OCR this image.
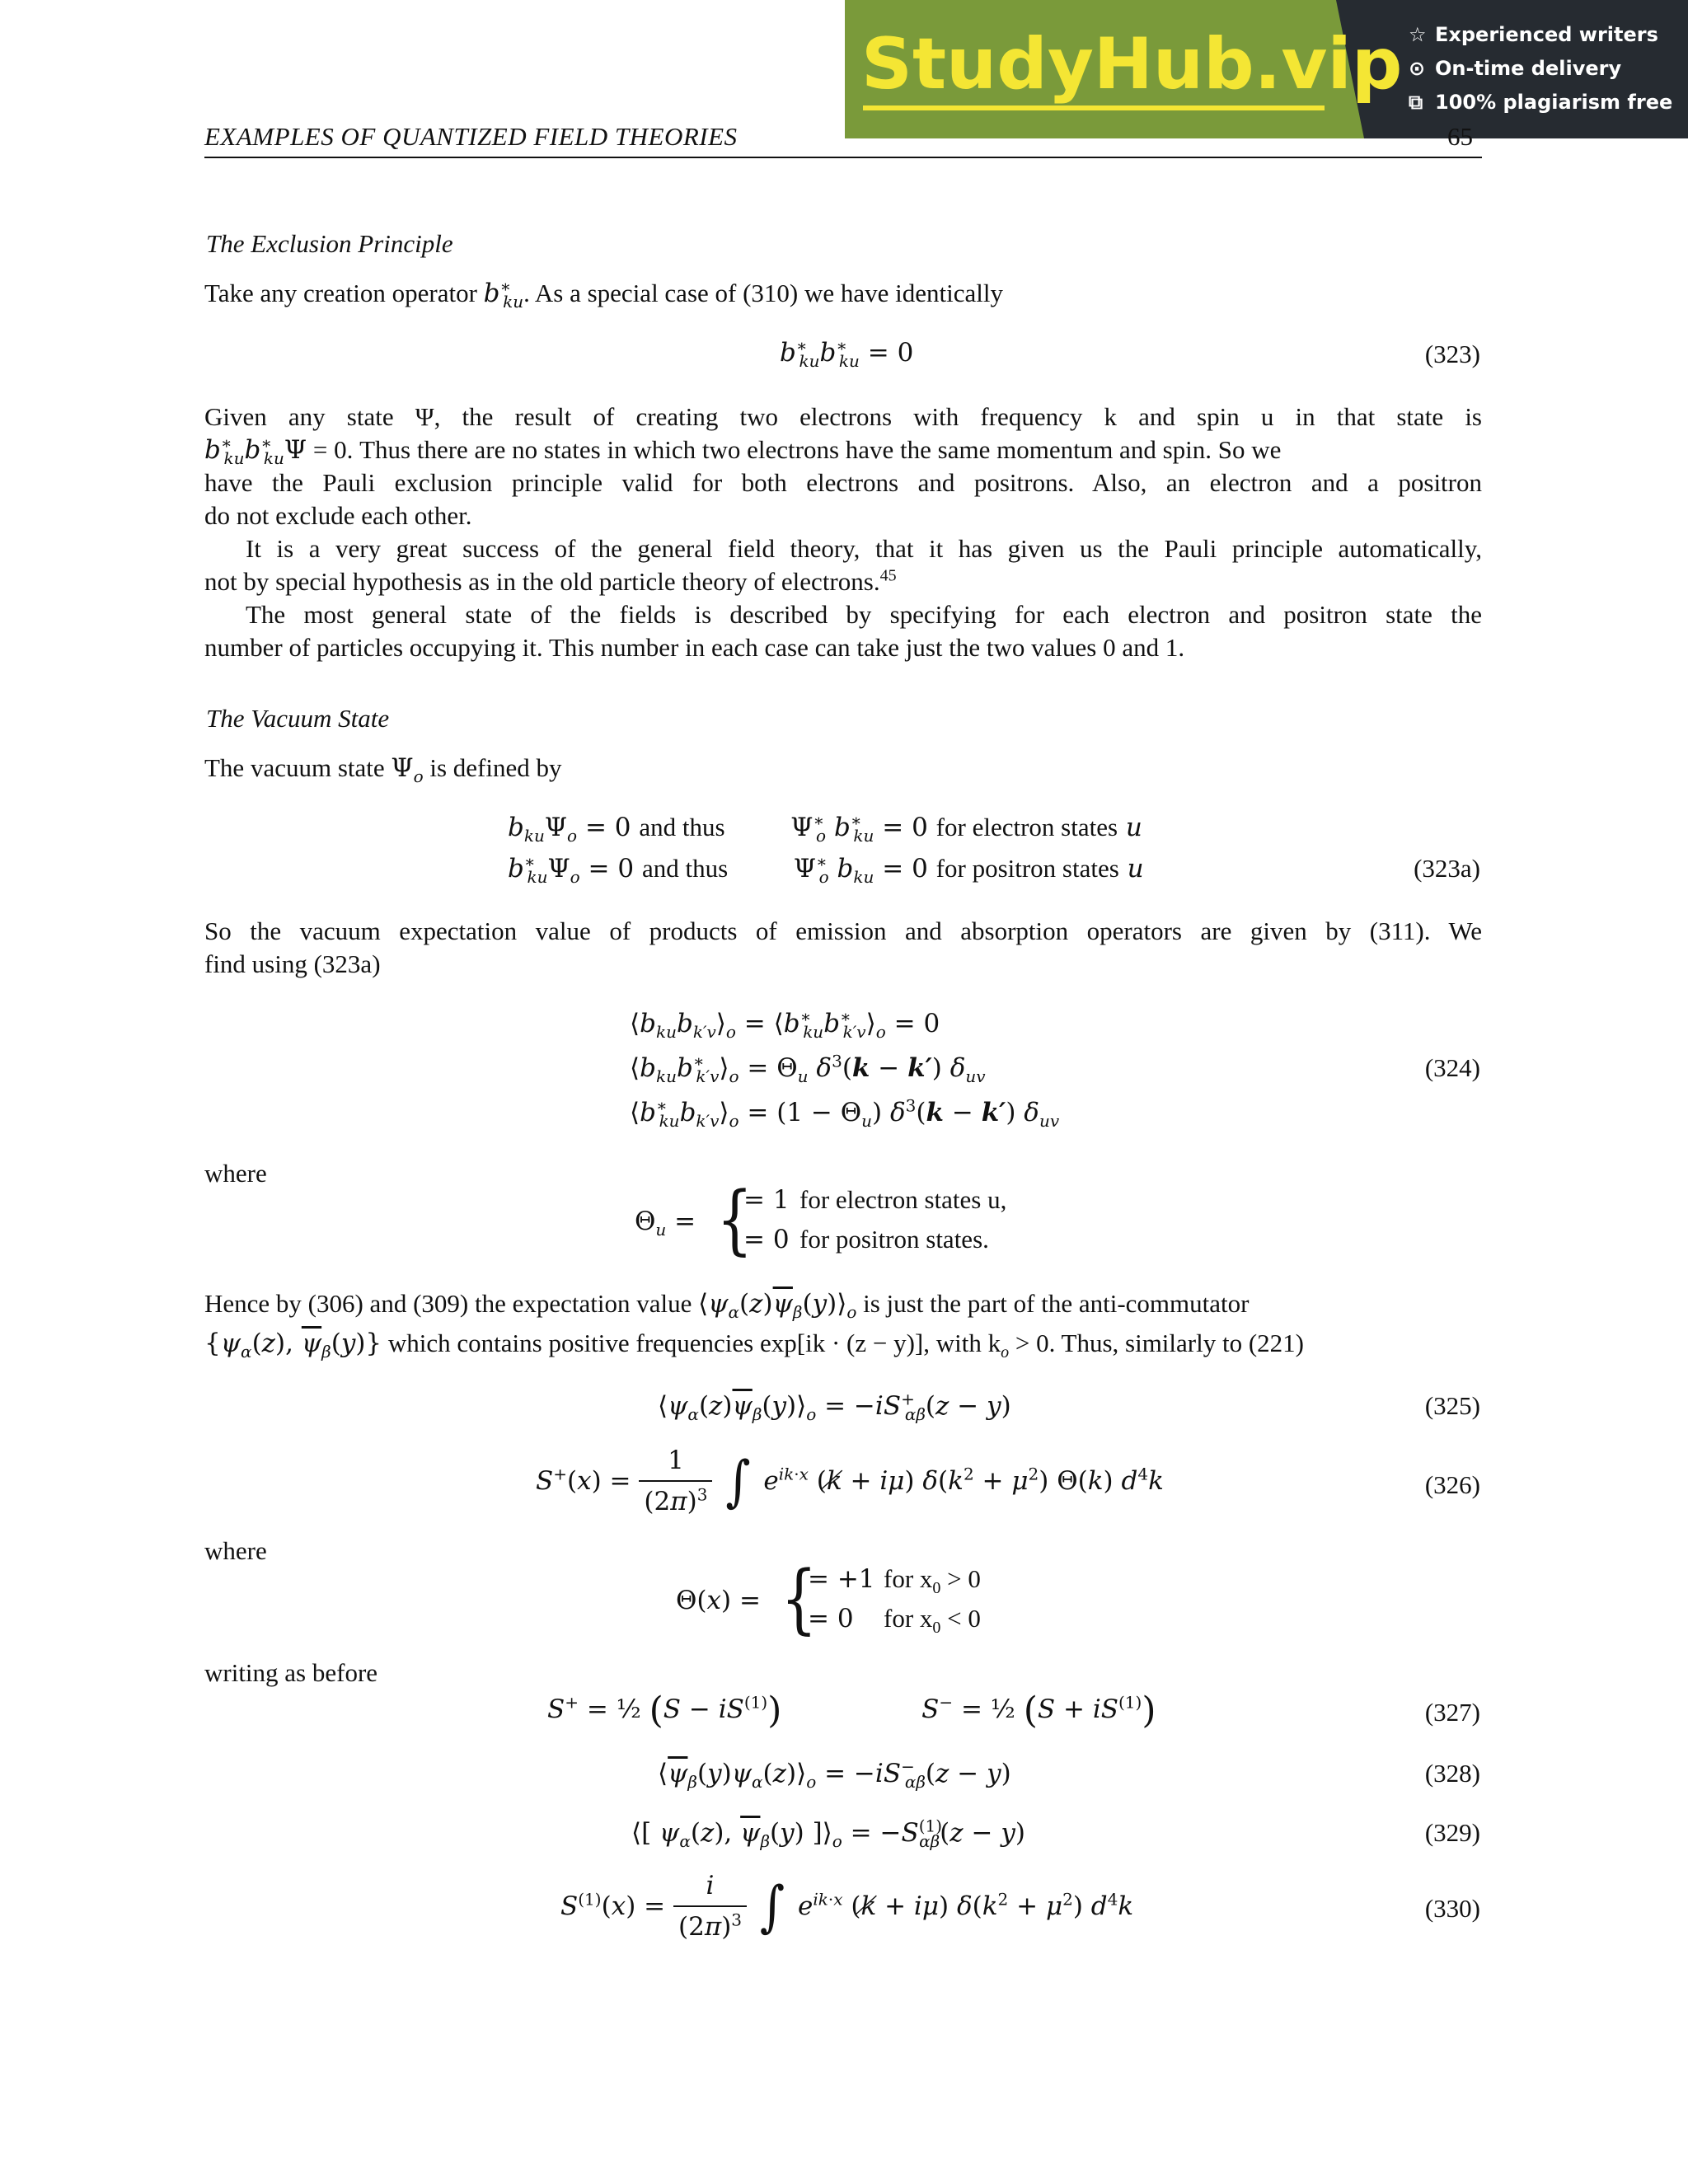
StudyHub.vip ☆ Experienced writers
⊙ On-time delivery
⧉ 100% plagiarism free
EXAMPLES OF QUANTIZED FIELD THEORIES	65
The Exclusion Principle
Take any creation operator $b^∗_{ku}$. As a special case of (310) we have identically
$b^∗_{ku}b^∗_{ku} = 0$	(323)
Given any state Ψ, the result of creating two electrons with frequency k and spin u in that state is
$b^∗_{ku}b^∗_{ku}\Psi = 0$. Thus there are no states in which two electrons have the same momentum and spin. So we
have the Pauli exclusion principle valid for both electrons and positrons. Also, an electron and a positron
do not exclude each other.
It is a very great success of the general field theory, that it has given us the Pauli principle automatically,
not by special hypothesis as in the old particle theory of electrons.$^{45}$
The most general state of the fields is described by specifying for each electron and positron state the
number of particles occupying it. This number in each case can take just the two values 0 and 1.
The Vacuum State
The vacuum state $\Psi_o$ is defined by
$b_{ku}\Psi_o = 0$ and thus  $\Psi^∗_o$ $b^∗_{ku} = 0$ for electron states u
$b^∗_{ku}\Psi_o = 0$ and thus  $\Psi^∗_o$ $b_{ku} = 0$ for positron states u	(323a)
So the vacuum expectation value of products of emission and absorption operators are given by (311). We
find using (323a)
$⟨b_{ku}b_{k'v}⟩_o$ = $⟨b^∗_{ku}b^∗_{k'v}⟩_o = 0$
$⟨b_{ku}b^∗_{k'v}⟩_o = \Theta_u$ $\delta^3(k - k')$ $\delta_{uv}$	(324)
$⟨b^∗_{ku}b_{k'v}⟩_o = (1 - \Theta_u) \delta^3(k - k')$ $\delta_{uv}$
where
$\Theta_u$ = {
= 1 for electron states u,
= 0 for positron states.
Hence by (306) and (309) the expectation value $⟨\psi_\alpha(z)\overline{\psi}_\beta(y)⟩_o$ is just the part of the anti-commutator
{$\psi_\alpha(z)$, $\overline{\psi}_\beta(y)$} which contains positive frequencies exp[ik · (z − y)], with $k_o > 0$. Thus, similarly to (221)
$⟨\psi_\alpha(z)\overline{\psi}_\beta(y)⟩_o = -iS^+_{\alpha\beta}(z - y)$	(325)
$S^+(x) = \frac{1}{(2\pi)^3}$ ∫ $e^{ik\cdot x}$ (k̸ + iμ) $\delta(k^2 + \mu^2)$ Θ(k) $d^4k$	(326)
where
Θ(x) = {
= +1 for $x_0 > 0$
= 0 for $x_0 < 0$
writing as before
S+ = ½ $(S - iS^{(1)})$	S− = ½ $(S + iS^{(1)})$	(327)
$⟨\overline{\psi}_\beta(y)\psi_\alpha(z)⟩_o = -iS^-_{\alpha\beta}(z - y)$	(328)
⟨[ $\psi_\alpha(z)$, $\overline{\psi}_\beta(y)$ ]$⟩_o = -S^{(1)}_{\alpha\beta}(z - y)$	(329)
$S^{(1)}(x) = \frac{i}{(2\pi)^3}$ ∫ $e^{ik\cdot x}$ (k̸ + iμ) $\delta(k^2 + \mu^2)$ $d^4k$	(330)
